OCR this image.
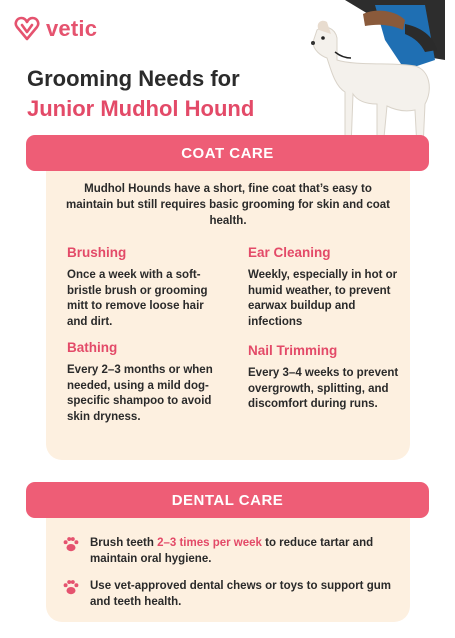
vetic
Grooming Needs for
Junior Mudhol Hound
COAT CARE
Mudhol Hounds have a short, fine coat that’s easy to maintain but still requires basic grooming for skin and coat health.
Brushing

Once a week with a soft-bristle brush or grooming mitt to remove loose hair and dirt.

Ear Cleaning

Weekly, especially in hot or humid weather, to prevent earwax buildup and infections

Bathing

Every 2–3 months or when needed, using a mild dog-specific shampoo to avoid skin dryness.

Nail Trimming

Every 3–4 weeks to prevent overgrowth, splitting, and discomfort during runs.

DENTAL CARE

Brush teeth 2–3 times per week to reduce tartar and maintain oral hygiene.

Use vet-approved dental chews or toys to support gum and teeth health.
